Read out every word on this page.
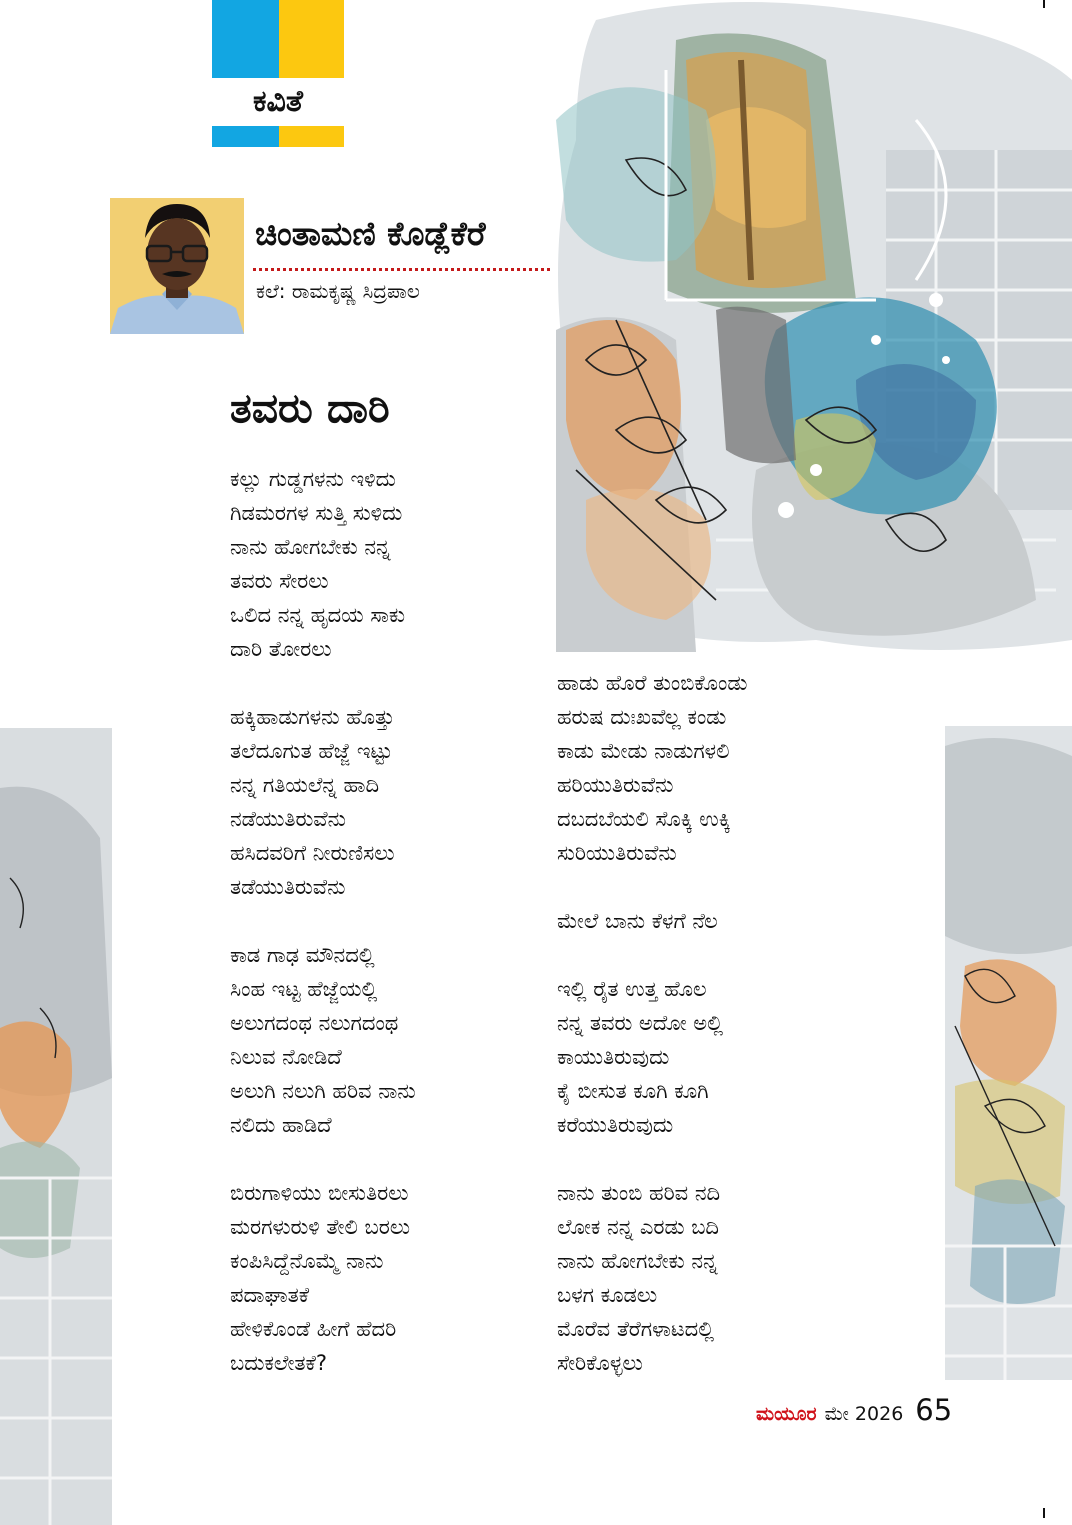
ಕವಿತೆ
ಚಿಂತಾಮಣಿ ಕೊಡ್ಲೆಕೆರೆ
ಕಲೆ: ರಾಮಕೃಷ್ಣ ಸಿದ್ರಪಾಲ
ತವರು ದಾರಿ
ಕಲ್ಲು ಗುಡ್ಡಗಳನು ಇಳಿದು
ಗಿಡಮರಗಳ ಸುತ್ತಿ ಸುಳಿದು
ನಾನು ಹೋಗಬೇಕು ನನ್ನ
ತವರು ಸೇರಲು
ಒಲಿದ ನನ್ನ ಹೃದಯ ಸಾಕು
ದಾರಿ ತೋರಲು
ಹಕ್ಕಿಹಾಡುಗಳನು ಹೊತ್ತು
ತಲೆದೂಗುತ ಹೆಜ್ಜೆ ಇಟ್ಟು
ನನ್ನ ಗತಿಯಲೆನ್ನ ಹಾದಿ
ನಡೆಯುತಿರುವೆನು
ಹಸಿದವರಿಗೆ ನೀರುಣಿಸಲು
ತಡೆಯುತಿರುವೆನು
ಕಾಡ ಗಾಢ ಮೌನದಲ್ಲಿ
ಸಿಂಹ ಇಟ್ಟ ಹೆಜ್ಜೆಯಲ್ಲಿ
ಅಲುಗದಂಥ ನಲುಗದಂಥ
ನಿಲುವ ನೋಡಿದೆ
ಅಲುಗಿ ನಲುಗಿ ಹರಿವ ನಾನು
ನಲಿದು ಹಾಡಿದೆ
ಬಿರುಗಾಳಿಯು ಬೀಸುತಿರಲು
ಮರಗಳುರುಳಿ ತೇಲಿ ಬರಲು
ಕಂಪಿಸಿದ್ದೆನೊಮ್ಮೆ ನಾನು
ಪದಾಘಾತಕೆ
ಹೇಳಿಕೊಂಡೆ ಹೀಗೆ ಹೆದರಿ
ಬದುಕಲೇತಕೆ?
ಹಾಡು ಹೊರೆ ತುಂಬಿಕೊಂಡು
ಹರುಷ ದುಃಖವೆಲ್ಲ ಕಂಡು
ಕಾಡು ಮೇಡು ನಾಡುಗಳಲಿ
ಹರಿಯುತಿರುವೆನು
ದಬದಬೆಯಲಿ ಸೊಕ್ಕಿ ಉಕ್ಕಿ
ಸುರಿಯುತಿರುವೆನು
ಮೇಲೆ ಬಾನು ಕೆಳಗೆ ನೆಲ
ಇಲ್ಲಿ ರೈತ ಉತ್ತ ಹೊಲ
ನನ್ನ ತವರು ಅದೋ ಅಲ್ಲಿ
ಕಾಯುತಿರುವುದು
ಕೈ ಬೀಸುತ ಕೂಗಿ ಕೂಗಿ
ಕರೆಯುತಿರುವುದು
ನಾನು ತುಂಬಿ ಹರಿವ ನದಿ
ಲೋಕ ನನ್ನ ಎರಡು ಬದಿ
ನಾನು ಹೋಗಬೇಕು ನನ್ನ
ಬಳಗ ಕೂಡಲು
ಮೊರೆವ ತೆರೆಗಳಾಟದಲ್ಲಿ
ಸೇರಿಕೊಳ್ಳಲು
ಮಯೂರ ಮೇ 2026 65
